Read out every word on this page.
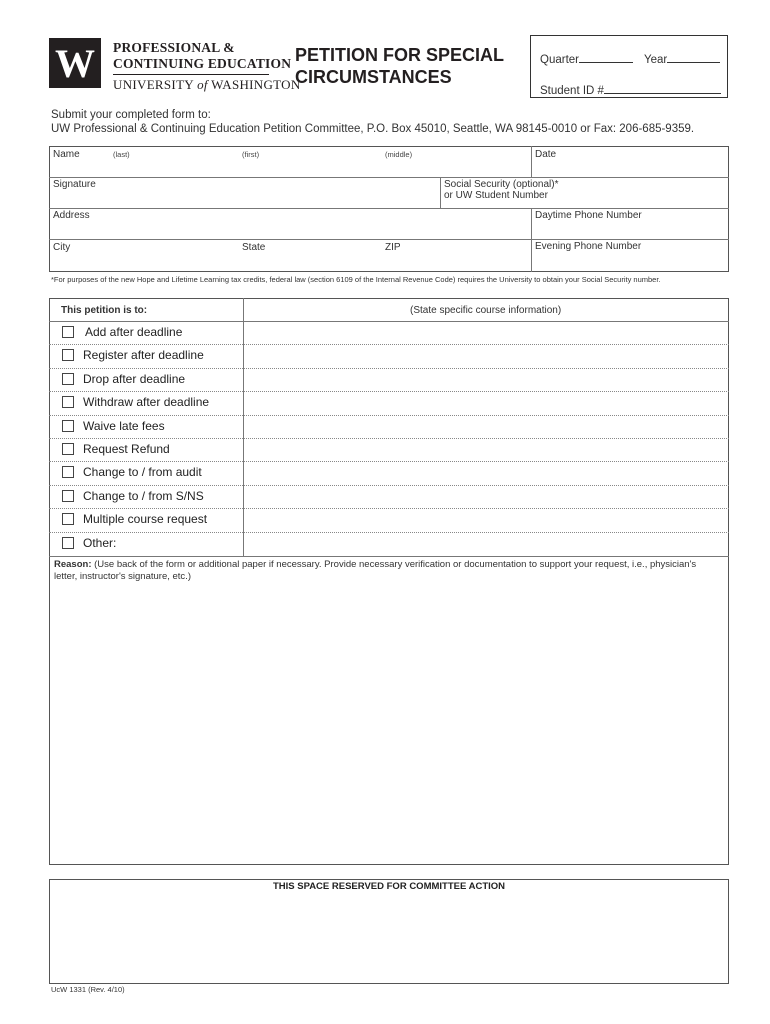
W	PROFESSIONAL &
CONTINUING EDUCATION
UNIVERSITY of WASHINGTON
PETITION FOR SPECIAL
CIRCUMSTANCES
Quarter	Year
Student ID #
Submit your completed form to:
UW Professional & Continuing Education Petition Committee, P.O. Box 45010, Seattle, WA 98145-0010 or Fax: 206-685-9359.
Name	(last)	(first)	(middle)	Date
Signature	Social Security (optional)*
or UW Student Number
Address	Daytime Phone Number
City	State	ZIP	Evening Phone Number
*For purposes of the new Hope and Lifetime Learning tax credits, federal law (section 6109 of the Internal Revenue Code) requires the University to obtain your Social Security number.
This petition is to:	(State specific course information)
Add after deadline
Register after deadline
Drop after deadline
Withdraw after deadline
Waive late fees
Request Refund
Change to / from audit
Change to / from S/NS
Multiple course request
Other:
Reason: (Use back of the form or additional paper if necessary. Provide necessary verification or documentation to support your request, i.e., physician's letter, instructor's signature, etc.)
THIS SPACE RESERVED FOR COMMITTEE ACTION
UcW 1331 (Rev. 4/10)
